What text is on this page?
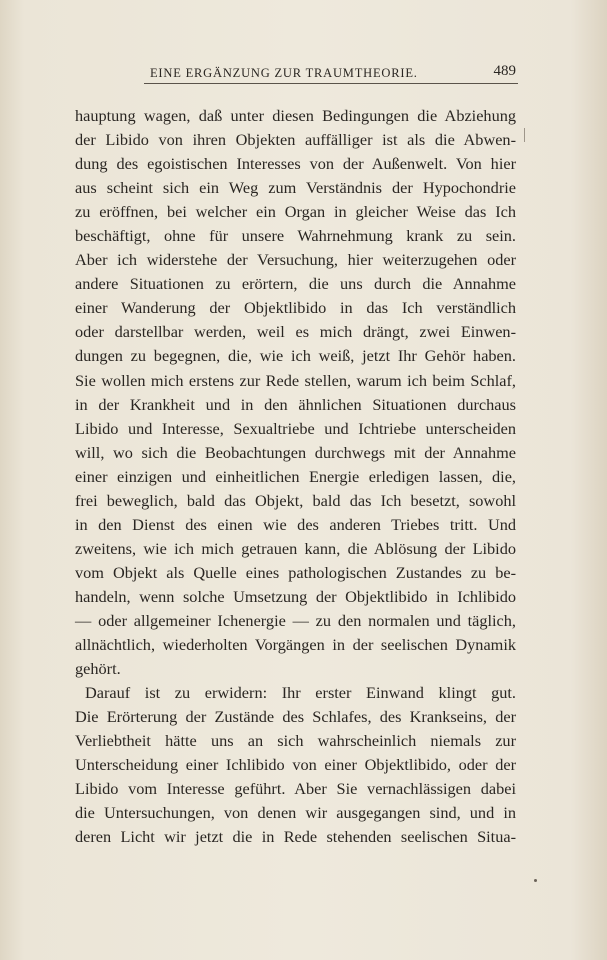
EINE ERGÄNZUNG ZUR TRAUMTHEORIE.	489
hauptung wagen, daß unter diesen Bedingungen die Abziehung
der Libido von ihren Objekten auffälliger ist als die Abwen-
dung des egoistischen Interesses von der Außenwelt. Von hier
aus scheint sich ein Weg zum Verständnis der Hypochondrie
zu eröffnen, bei welcher ein Organ in gleicher Weise das Ich
beschäftigt, ohne für unsere Wahrnehmung krank zu sein.
Aber ich widerstehe der Versuchung, hier weiterzugehen oder
andere Situationen zu erörtern, die uns durch die Annahme
einer Wanderung der Objektlibido in das Ich verständlich
oder darstellbar werden, weil es mich drängt, zwei Einwen-
dungen zu begegnen, die, wie ich weiß, jetzt Ihr Gehör haben.
Sie wollen mich erstens zur Rede stellen, warum ich beim Schlaf,
in der Krankheit und in den ähnlichen Situationen durchaus
Libido und Interesse, Sexualtriebe und Ichtriebe unterscheiden
will, wo sich die Beobachtungen durchwegs mit der Annahme
einer einzigen und einheitlichen Energie erledigen lassen, die,
frei beweglich, bald das Objekt, bald das Ich besetzt, sowohl
in den Dienst des einen wie des anderen Triebes tritt. Und
zweitens, wie ich mich getrauen kann, die Ablösung der Libido
vom Objekt als Quelle eines pathologischen Zustandes zu be-
handeln, wenn solche Umsetzung der Objektlibido in Ichlibido
— oder allgemeiner Ichenergie — zu den normalen und täglich,
allnächtlich, wiederholten Vorgängen in der seelischen Dynamik
gehört.
Darauf ist zu erwidern: Ihr erster Einwand klingt gut.
Die Erörterung der Zustände des Schlafes, des Krankseins, der
Verliebtheit hätte uns an sich wahrscheinlich niemals zur
Unterscheidung einer Ichlibido von einer Objektlibido, oder der
Libido vom Interesse geführt. Aber Sie vernachlässigen dabei
die Untersuchungen, von denen wir ausgegangen sind, und in
deren Licht wir jetzt die in Rede stehenden seelischen Situa-
